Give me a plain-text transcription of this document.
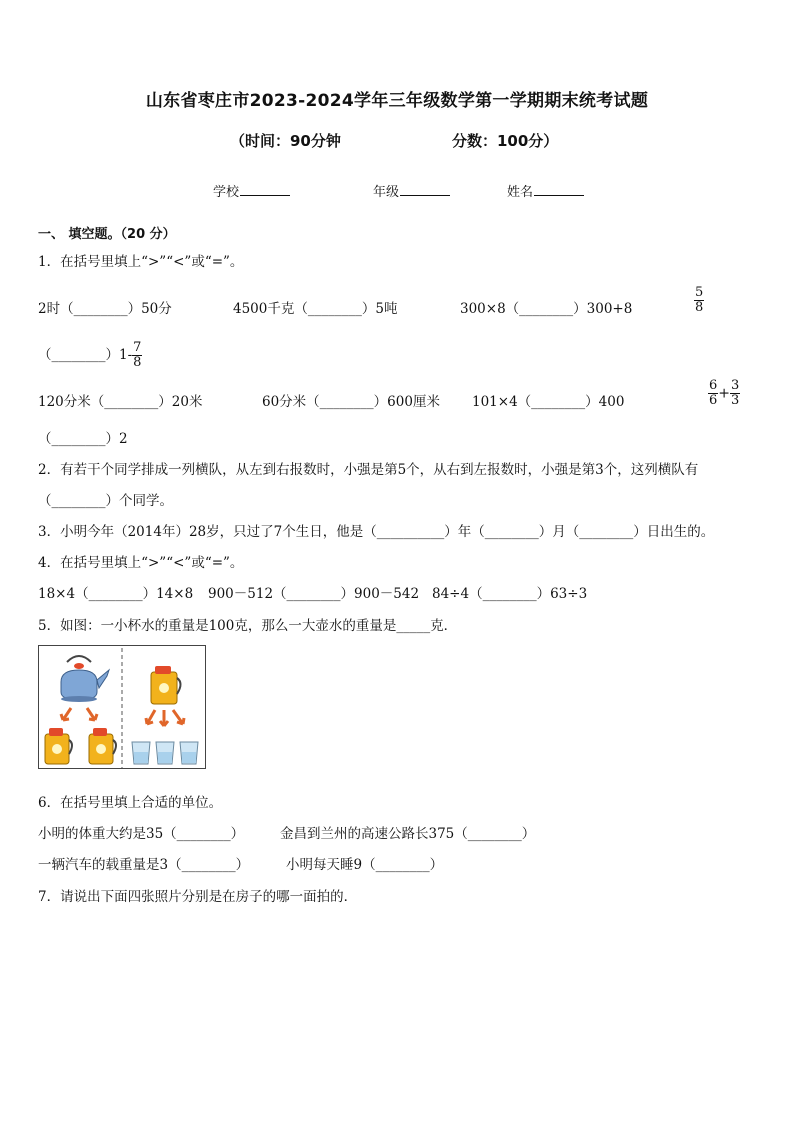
山东省枣庄市2023-2024学年三年级数学第一学期期末统考试题
（时间：90分钟	分数：100分）
学校	年级	姓名
一、 填空题。（20 分）
1．在括号里填上“>”“<”或“=”。
2时（________）50分	4500千克（________）5吨	300×8（________）300+8	$\frac{5}{8}$
（________）1- $\frac{7}{8}$
120分米（________）20米	60分米（________）600厘米 101×4（________）400	$\frac{6}{6} + \frac{3}{3}$
（________）2
2．有若干个同学排成一列横队，从左到右报数时，小强是第5个，从右到左报数时，小强是第3个，这列横队有
（________）个同学。
3．小明今年（2014年）28岁，只过了7个生日，他是（__________）年（________）月（________）日出生的。
4．在括号里填上“>”“<”或“=”。
18×4（________）14×8 900－512（________）900－542 84÷4（________）63÷3
5．如图：一小杯水的重量是100克，那么一大壶水的重量是_____克．
6．在括号里填上合适的单位。
小明的体重大约是35（________）	金昌到兰州的高速公路长375（________）
一辆汽车的载重量是3（________）	小明每天睡9（________）
7．请说出下面四张照片分别是在房子的哪一面拍的．
